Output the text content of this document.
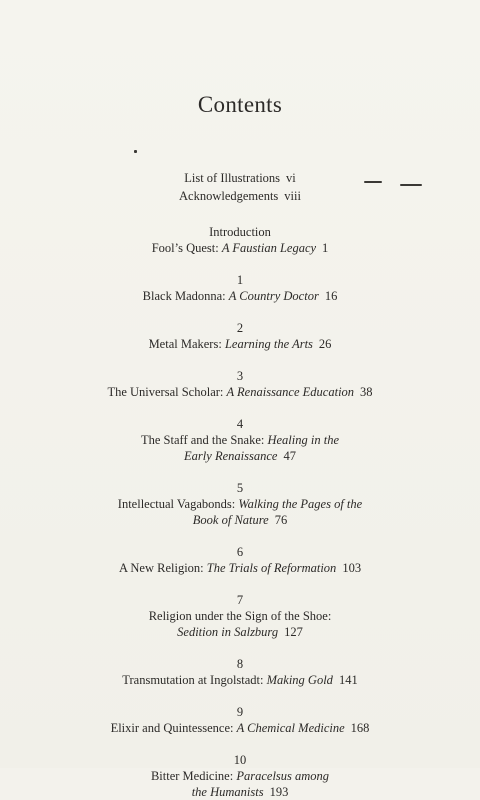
Contents
List of Illustrations vi
Acknowledgements viii
Introduction
Fool’s Quest: A Faustian Legacy 1
1
Black Madonna: A Country Doctor 16
2
Metal Makers: Learning the Arts 26
3
The Universal Scholar: A Renaissance Education 38
4
The Staff and the Snake: Healing in the
Early Renaissance 47
5
Intellectual Vagabonds: Walking the Pages of the
Book of Nature 76
6
A New Religion: The Trials of Reformation 103
7
Religion under the Sign of the Shoe:
Sedition in Salzburg 127
8
Transmutation at Ingolstadt: Making Gold 141
9
Elixir and Quintessence: A Chemical Medicine 168
10
Bitter Medicine: Paracelsus among
the Humanists 193
